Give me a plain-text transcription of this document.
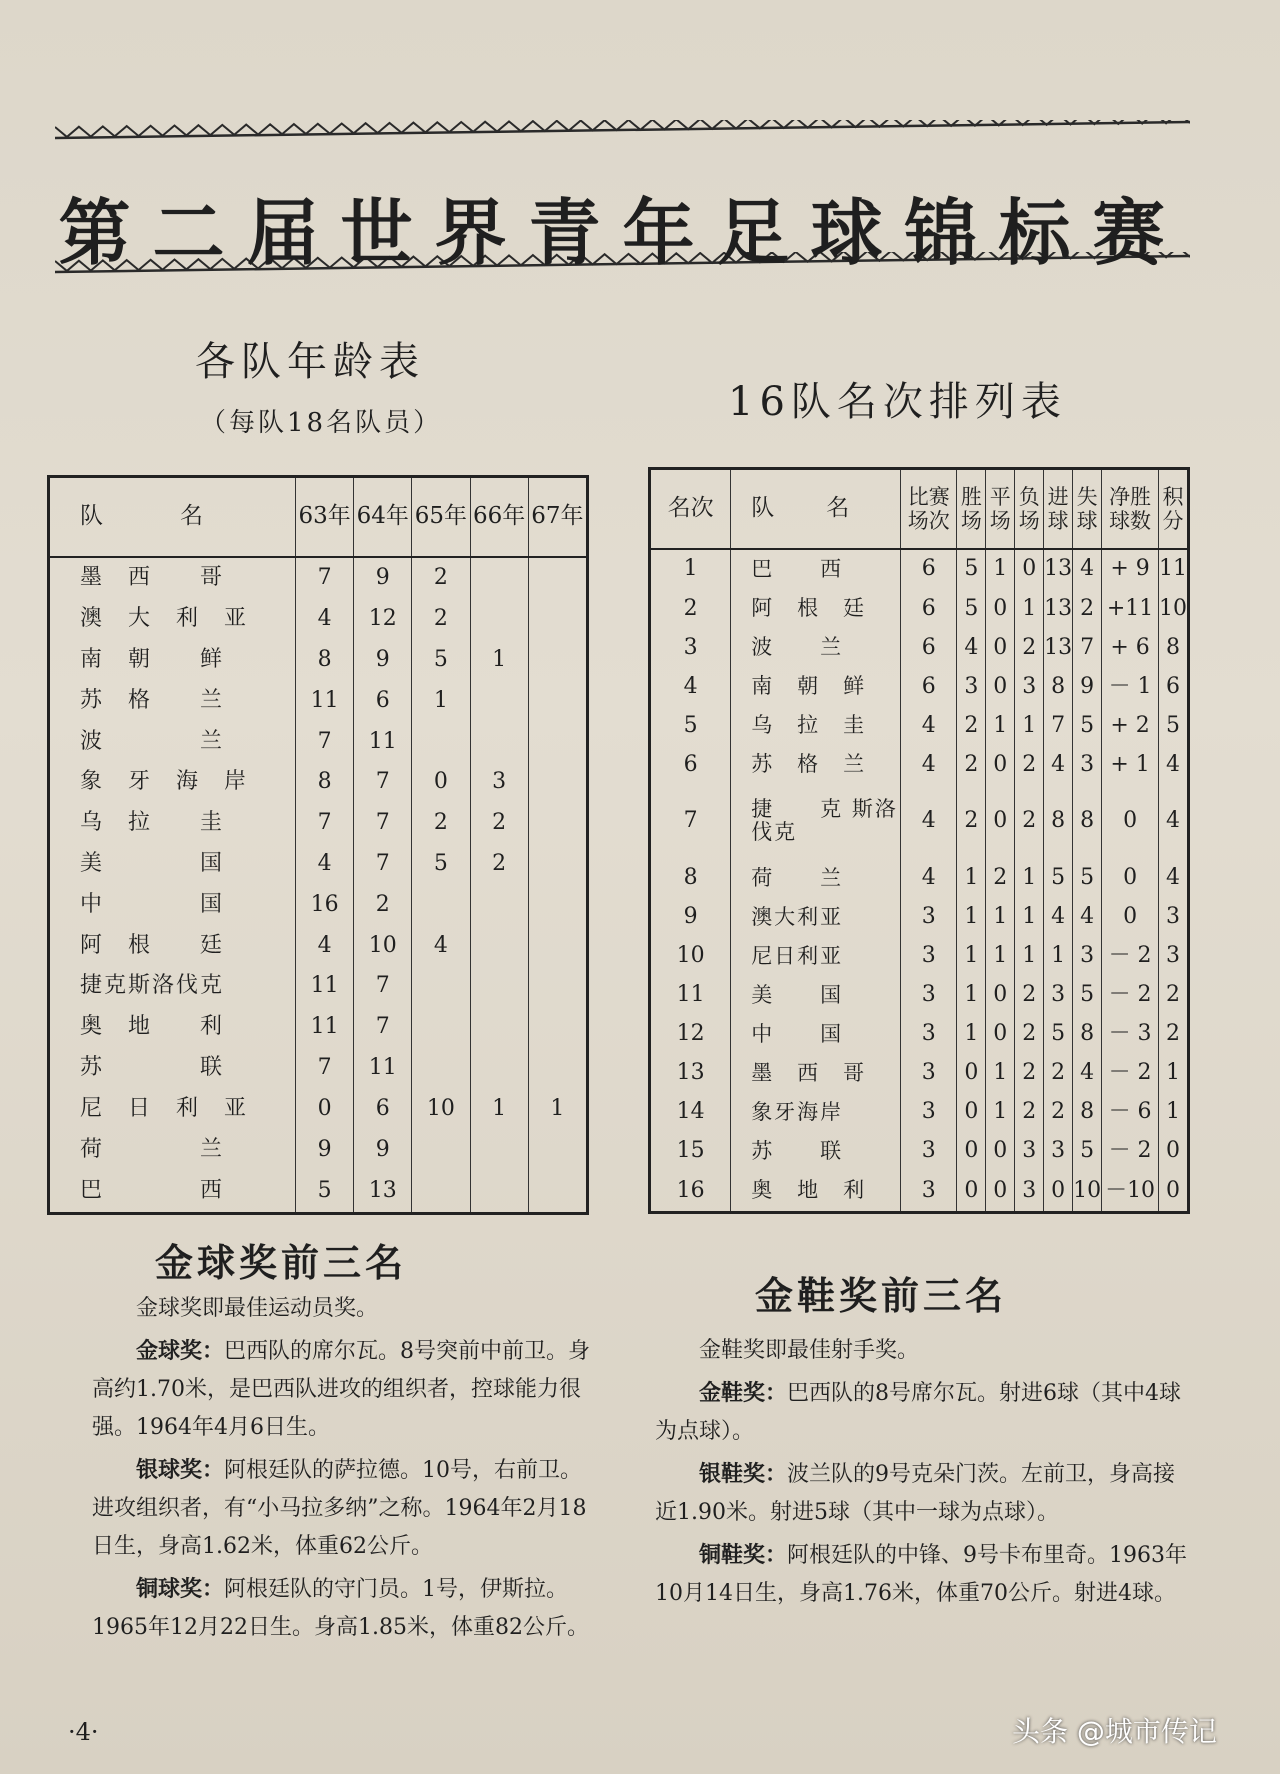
第二届世界青年足球锦标赛
各队年龄表
（每队18名队员）	16队名次排列表
队　　　名	63年	64年	65年	66年	67年
墨　西　　哥	7	9	2		
澳　大　利　亚	4	12	2		
南　朝　　鲜	8	9	5	1	
苏　格　　兰	11	6	1		
波　　　　兰	7	11			
象　牙　海　岸	8	7	0	3	
乌　拉　　圭	7	7	2	2	
美　　　　国	4	7	5	2	
中　　　　国	16	2			
阿　根　　廷	4	10	4		
捷克斯洛伐克	11	7			
奥　地　　利	11	7			
苏　　　　联	7	11			
尼　日　利　亚	0	6	10	1	1
荷　　　　兰	9	9			
巴　　　　西	5	13			
名次	队　　名	比赛场次	胜场	平场	负场	进球	失球	净胜球数	积分
1	巴　　西	6	5	1	0	13	4	+ 9	11
2	阿　根　廷	6	5	0	1	13	2	+11	10
3	波　　兰	6	4	0	2	13	7	+ 6	8
4	南　朝　鲜	6	3	0	3	8	9	－ 1	6
5	乌　拉　圭	4	2	1	1	7	5	+ 2	5
6	苏　格　兰	4	2	0	2	4	3	+ 1	4
7	捷　　克 斯洛伐克	4	2	0	2	8	8	0	4
8	荷　　兰	4	1	2	1	5	5	0	4
9	澳大利亚	3	1	1	1	4	4	0	3
10	尼日利亚	3	1	1	1	1	3	－ 2	3
11	美　　国	3	1	0	2	3	5	－ 2	2
12	中　　国	3	1	0	2	5	8	－ 3	2
13	墨　西　哥	3	0	1	2	2	4	－ 2	1
14	象牙海岸	3	0	1	2	2	8	－ 6	1
15	苏　　联	3	0	0	3	3	5	－ 2	0
16	奥　地　利	3	0	0	3	0	10	－10	0
金球奖前三名
金鞋奖前三名

金球奖即最佳运动员奖。

金球奖：巴西队的席尔瓦。8号突前中前卫。身高约1.70米，是巴西队进攻的组织者，控球能力很强。1964年4月6日生。

银球奖：阿根廷队的萨拉德。10号，右前卫。进攻组织者，有“小马拉多纳”之称。1964年2月18日生，身高1.62米，体重62公斤。

铜球奖：阿根廷队的守门员。1号，伊斯拉。1965年12月22日生。身高1.85米，体重82公斤。

金鞋奖即最佳射手奖。

金鞋奖：巴西队的8号席尔瓦。射进6球（其中4球为点球）。

银鞋奖：波兰队的9号克朵门茨。左前卫，身高接近1.90米。射进5球（其中一球为点球）。

铜鞋奖：阿根廷队的中锋、9号卡布里奇。1963年10月14日生，身高1.76米，体重70公斤。射进4球。

·4·	头条 @城市传记
